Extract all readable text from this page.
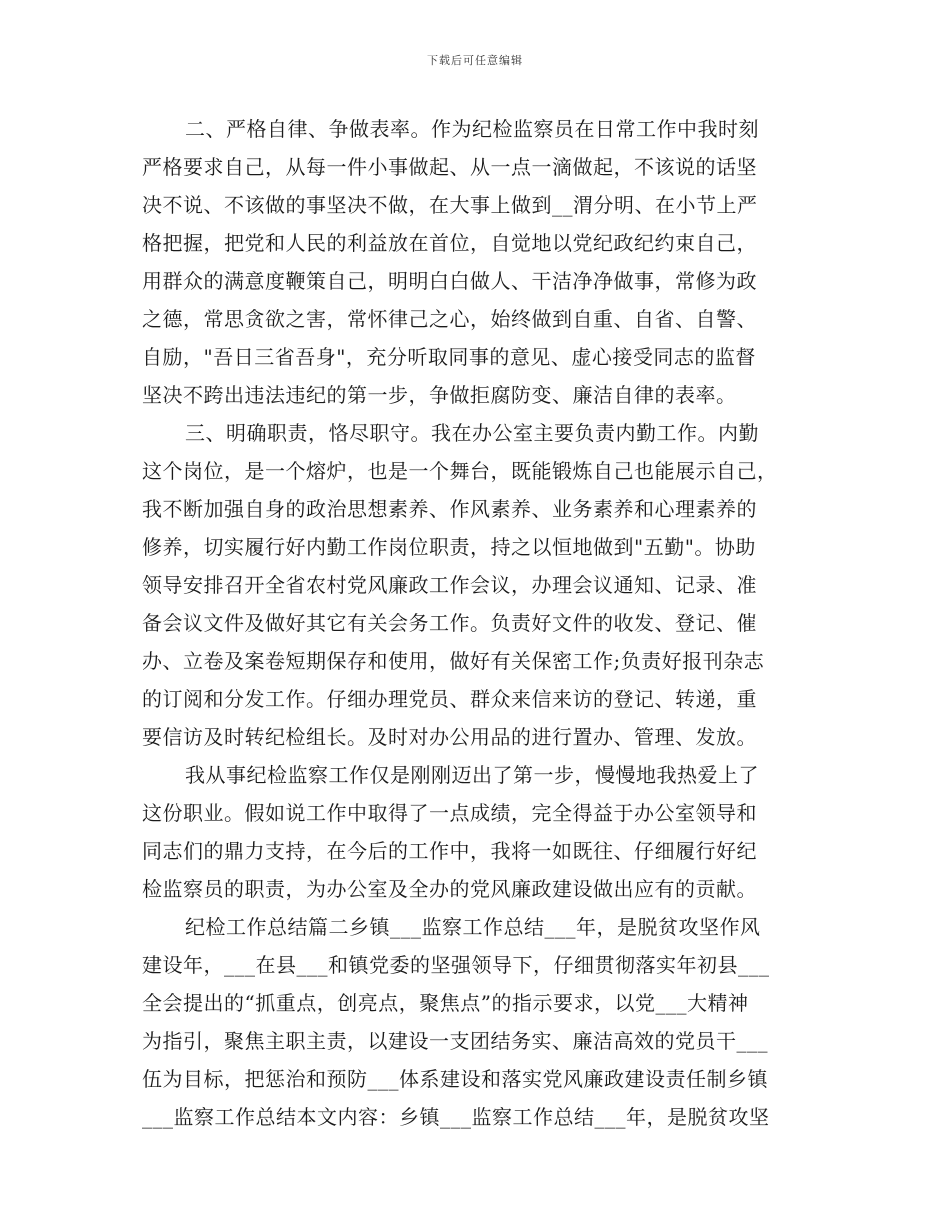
下载后可任意编辑
二、严格自律、争做表率。作为纪检监察员在日常工作中我时刻
严格要求自己，从每一件小事做起、从一点一滴做起，不该说的话坚
决不说、不该做的事坚决不做，在大事上做到__渭分明、在小节上严
格把握，把党和人民的利益放在首位，自觉地以党纪政纪约束自己，
用群众的满意度鞭策自己，明明白白做人、干洁净净做事，常修为政
之德，常思贪欲之害，常怀律己之心，始终做到自重、自省、自警、
自励，"吾日三省吾身"，充分听取同事的意见、虚心接受同志的监督
坚决不跨出违法违纪的第一步，争做拒腐防变、廉洁自律的表率。
三、明确职责，恪尽职守。我在办公室主要负责内勤工作。内勤
这个岗位，是一个熔炉，也是一个舞台，既能锻炼自己也能展示自己，
我不断加强自身的政治思想素养、作风素养、业务素养和心理素养的
修养，切实履行好内勤工作岗位职责，持之以恒地做到"五勤"。协助
领导安排召开全省农村党风廉政工作会议，办理会议通知、记录、准
备会议文件及做好其它有关会务工作。负责好文件的收发、登记、催
办、立卷及案卷短期保存和使用，做好有关保密工作;负责好报刊杂志
的订阅和分发工作。仔细办理党员、群众来信来访的登记、转递，重
要信访及时转纪检组长。及时对办公用品的进行置办、管理、发放。
我从事纪检监察工作仅是刚刚迈出了第一步，慢慢地我热爱上了
这份职业。假如说工作中取得了一点成绩，完全得益于办公室领导和
同志们的鼎力支持，在今后的工作中，我将一如既往、仔细履行好纪
检监察员的职责，为办公室及全办的党风廉政建设做出应有的贡献。
纪检工作总结篇二乡镇___监察工作总结___年，是脱贫攻坚作风
建设年，___在县___和镇党委的坚强领导下，仔细贯彻落实年初县___
全会提出的“抓重点，创亮点，聚焦点”的指示要求，以党___大精神
为指引，聚焦主职主责，以建设一支团结务实、廉洁高效的党员干___
伍为目标，把惩治和预防___体系建设和落实党风廉政建设责任制乡镇
___监察工作总结本文内容：乡镇___监察工作总结___年，是脱贫攻坚
